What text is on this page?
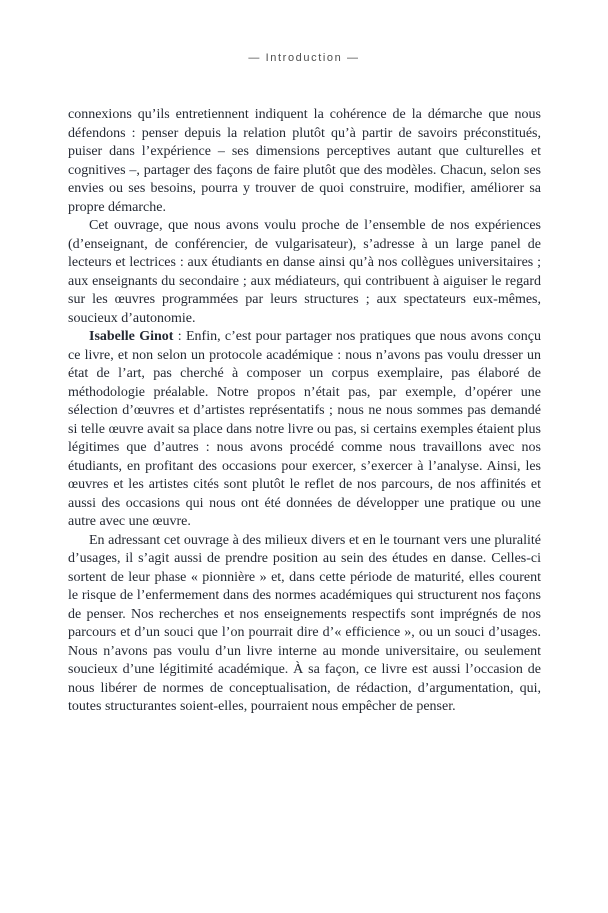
— Introduction —

connexions qu’ils entretiennent indiquent la cohérence de la démarche que nous défendons : penser depuis la relation plutôt qu’à partir de savoirs préconstitués, puiser dans l’expérience – ses dimensions perceptives autant que culturelles et cognitives –, partager des façons de faire plutôt que des modèles. Chacun, selon ses envies ou ses besoins, pourra y trouver de quoi construire, modifier, améliorer sa propre démarche.

Cet ouvrage, que nous avons voulu proche de l’ensemble de nos expériences (d’enseignant, de conférencier, de vulgarisateur), s’adresse à un large panel de lecteurs et lectrices : aux étudiants en danse ainsi qu’à nos collègues universitaires ; aux enseignants du secondaire ; aux médiateurs, qui contribuent à aiguiser le regard sur les œuvres programmées par leurs structures ; aux spectateurs eux-mêmes, soucieux d’autonomie.

Isabelle Ginot : Enfin, c’est pour partager nos pratiques que nous avons conçu ce livre, et non selon un protocole académique : nous n’avons pas voulu dresser un état de l’art, pas cherché à composer un corpus exemplaire, pas élaboré de méthodologie préalable. Notre propos n’était pas, par exemple, d’opérer une sélection d’œuvres et d’artistes représentatifs ; nous ne nous sommes pas demandé si telle œuvre avait sa place dans notre livre ou pas, si certains exemples étaient plus légitimes que d’autres : nous avons procédé comme nous travaillons avec nos étudiants, en profitant des occasions pour exercer, s’exercer à l’analyse. Ainsi, les œuvres et les artistes cités sont plutôt le reflet de nos parcours, de nos affinités et aussi des occasions qui nous ont été données de développer une pratique ou une autre avec une œuvre.

En adressant cet ouvrage à des milieux divers et en le tournant vers une pluralité d’usages, il s’agit aussi de prendre position au sein des études en danse. Celles-ci sortent de leur phase « pionnière » et, dans cette période de maturité, elles courent le risque de l’enfermement dans des normes académiques qui structurent nos façons de penser. Nos recherches et nos enseignements respectifs sont imprégnés de nos parcours et d’un souci que l’on pourrait dire d’« efficience », ou un souci d’usages. Nous n’avons pas voulu d’un livre interne au monde universitaire, ou seulement soucieux d’une légitimité académique. À sa façon, ce livre est aussi l’occasion de nous libérer de normes de conceptualisation, de rédaction, d’argumentation, qui, toutes structurantes soient-elles, pourraient nous empêcher de penser.
